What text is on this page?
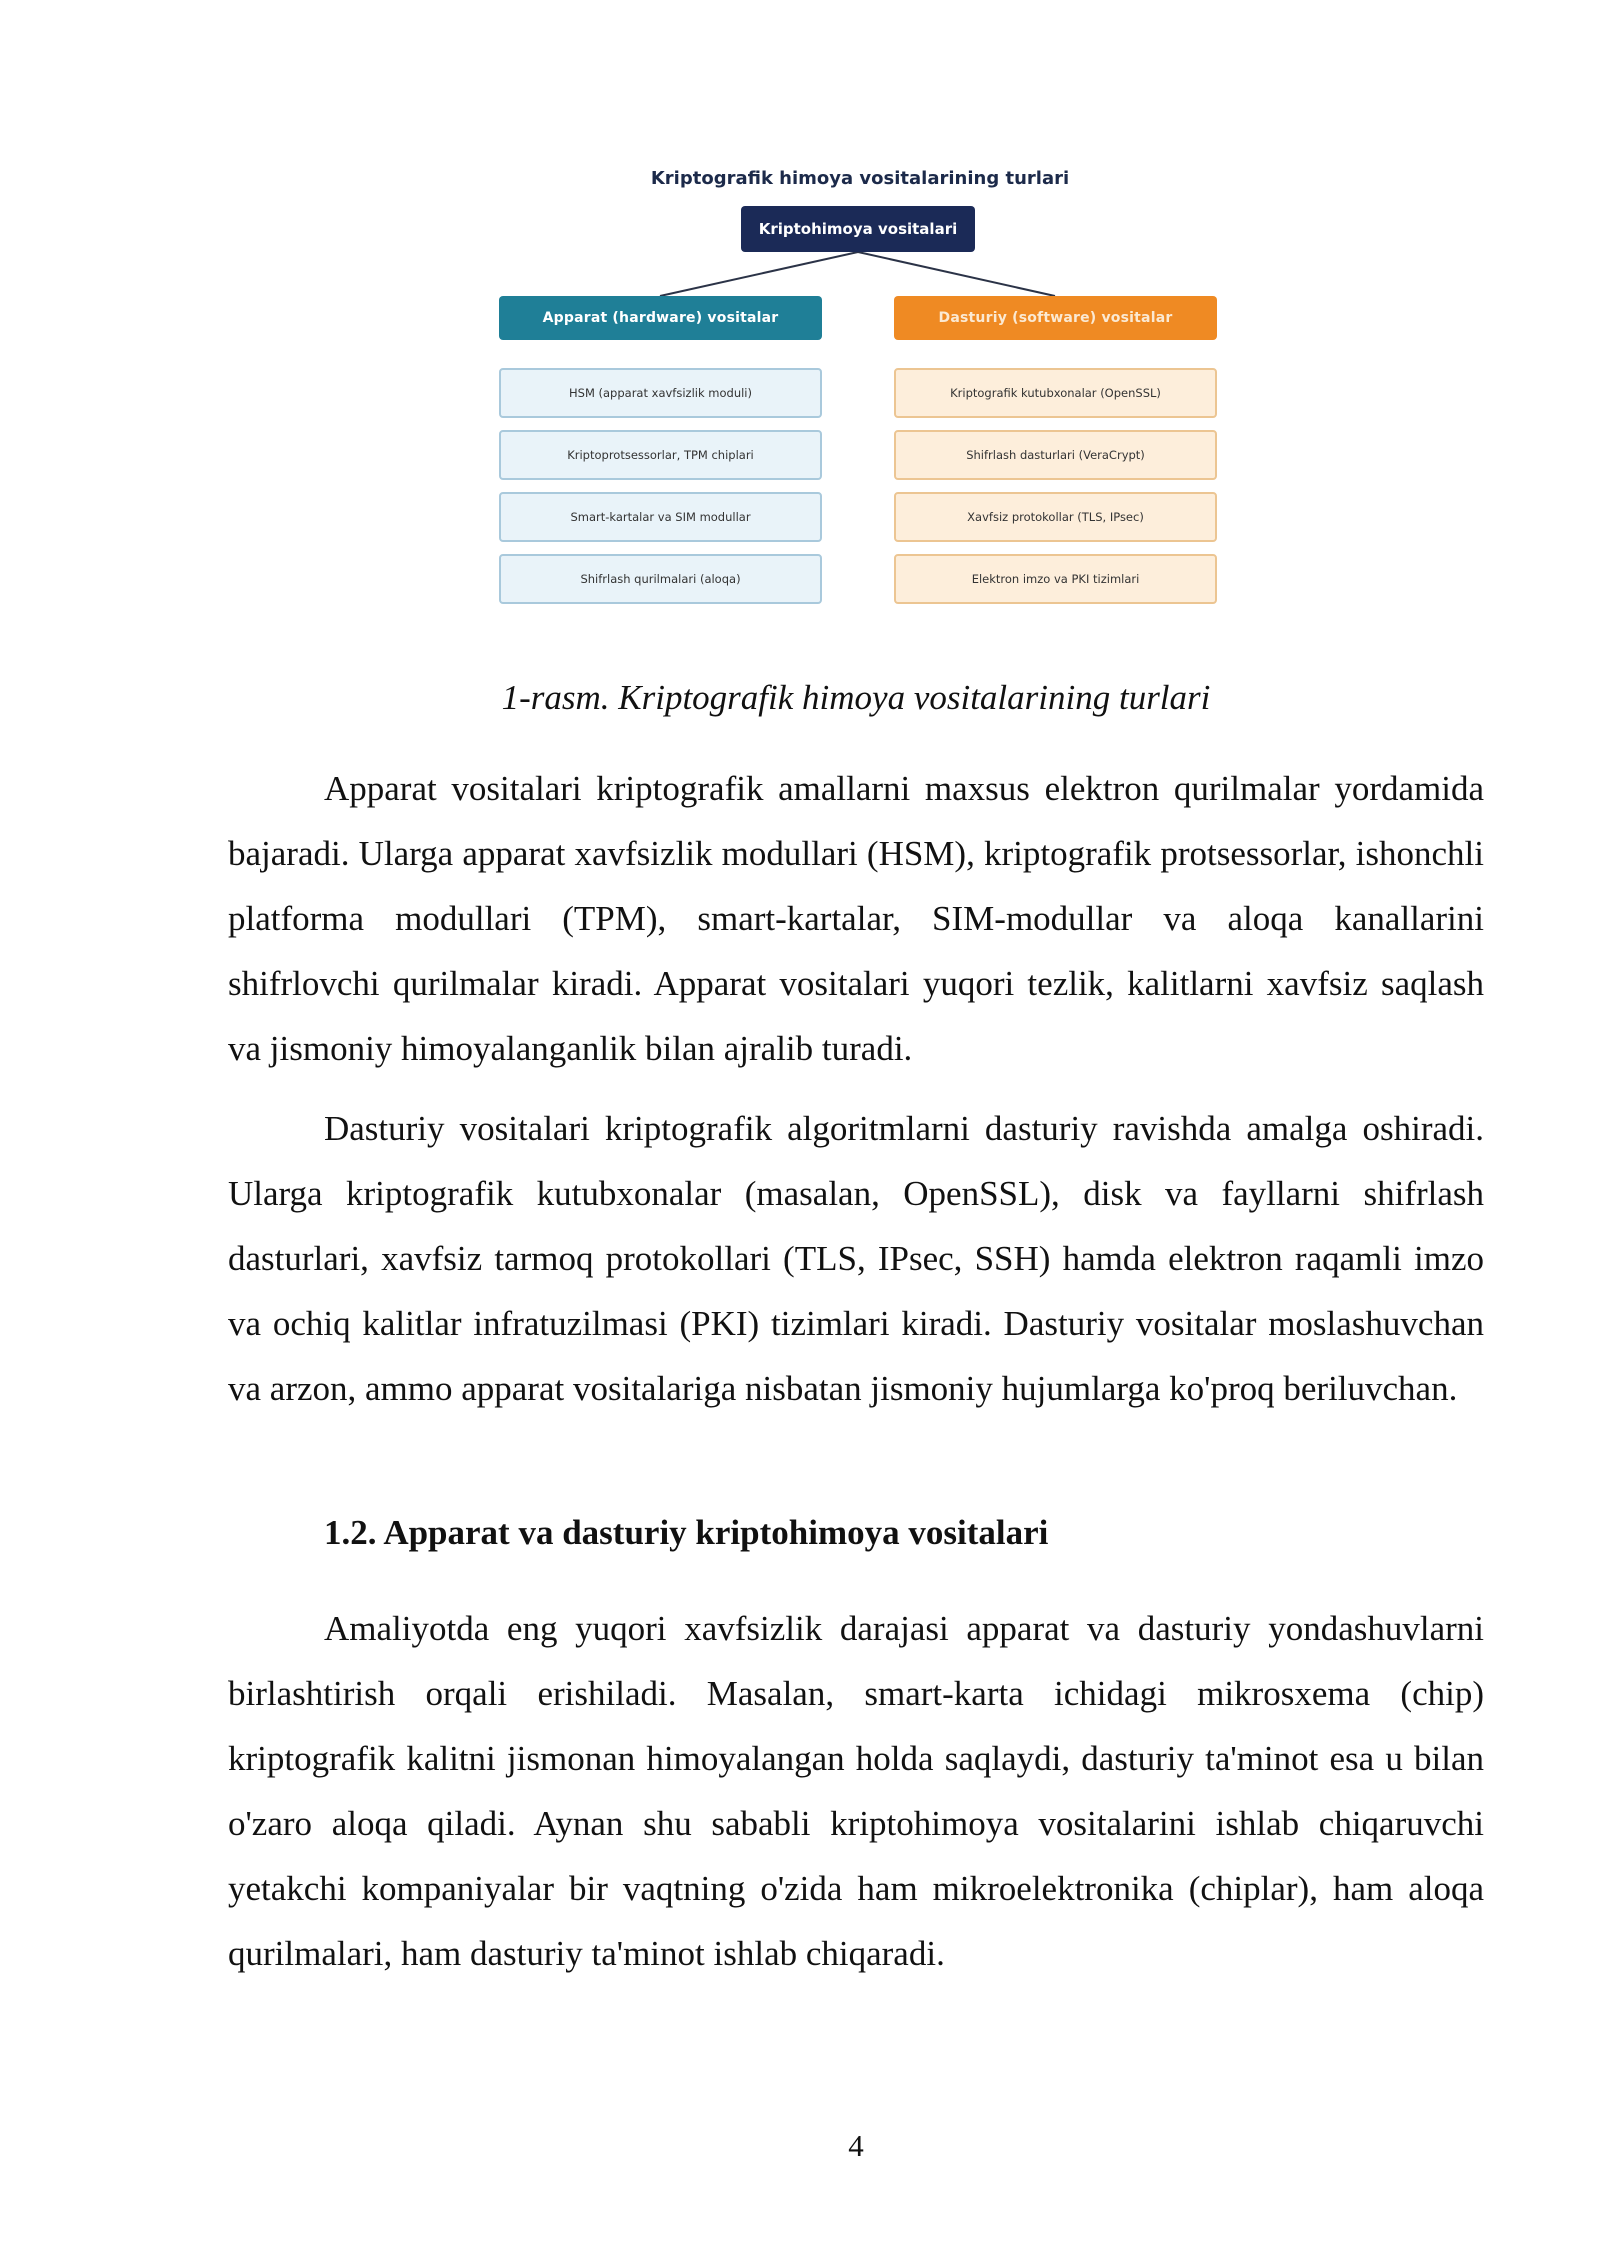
Kriptografik himoya vositalarining turlari
Kriptohimoya vositalari
Apparat (hardware) vositalar	Dasturiy (software) vositalar
HSM (apparat xavfsizlik moduli)
Kriptoprotsessorlar, TPM chiplari
Smart-kartalar va SIM modullar
Shifrlash qurilmalari (aloqa)
Kriptografik kutubxonalar (OpenSSL)
Shifrlash dasturlari (VeraCrypt)
Xavfsiz protokollar (TLS, IPsec)
Elektron imzo va PKI tizimlari
1-rasm. Kriptografik himoya vositalarining turlari

Apparat vositalari kriptografik amallarni maxsus elektron qurilmalar yordamida bajaradi. Ularga apparat xavfsizlik modullari (HSM), kriptografik protsessorlar, ishonchli platforma modullari (TPM), smart-kartalar, SIM-modullar va aloqa kanallarini shifrlovchi qurilmalar kiradi. Apparat vositalari yuqori tezlik, kalitlarni xavfsiz saqlash va jismoniy himoyalanganlik bilan ajralib turadi.

Dasturiy vositalari kriptografik algoritmlarni dasturiy ravishda amalga oshiradi. Ularga kriptografik kutubxonalar (masalan, OpenSSL), disk va fayllarni shifrlash dasturlari, xavfsiz tarmoq protokollari (TLS, IPsec, SSH) hamda elektron raqamli imzo va ochiq kalitlar infratuzilmasi (PKI) tizimlari kiradi. Dasturiy vositalar moslashuvchan va arzon, ammo apparat vositalariga nisbatan jismoniy hujumlarga ko'proq beriluvchan.

1.2. Apparat va dasturiy kriptohimoya vositalari

Amaliyotda eng yuqori xavfsizlik darajasi apparat va dasturiy yondashuvlarni birlashtirish orqali erishiladi. Masalan, smart-karta ichidagi mikrosxema (chip) kriptografik kalitni jismonan himoyalangan holda saqlaydi, dasturiy ta'minot esa u bilan o'zaro aloqa qiladi. Aynan shu sababli kriptohimoya vositalarini ishlab chiqaruvchi yetakchi kompaniyalar bir vaqtning o'zida ham mikroelektronika (chiplar), ham aloqa qurilmalari, ham dasturiy ta'minot ishlab chiqaradi.

4
